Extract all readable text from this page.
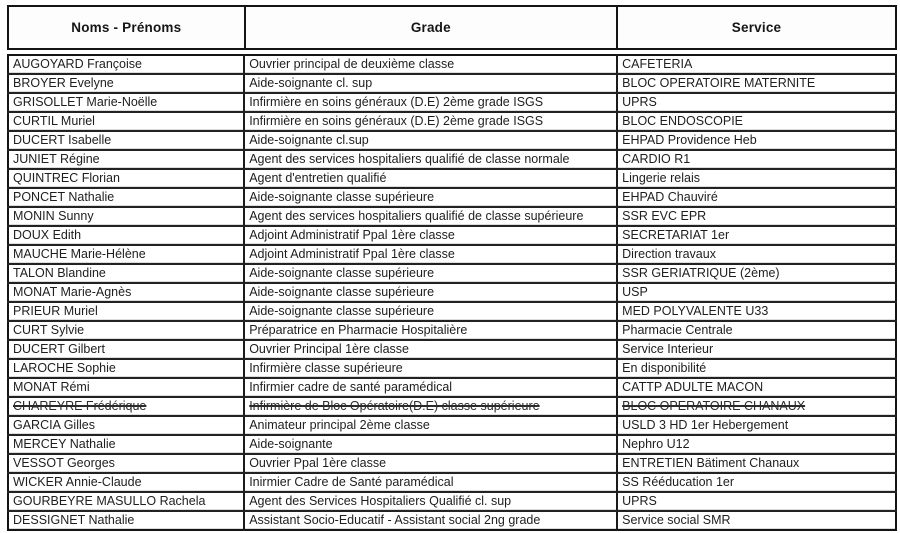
Noms - Prénoms	Grade	Service
AUGOYARD Françoise	Ouvrier principal de deuxième classe	CAFETERIA
BROYER Evelyne	Aide-soignante cl. sup	BLOC OPERATOIRE MATERNITE
GRISOLLET Marie-Noëlle	Infirmière en soins généraux (D.E) 2ème grade ISGS	UPRS
CURTIL Muriel	Infirmière en soins généraux (D.E) 2ème grade ISGS	BLOC ENDOSCOPIE
DUCERT Isabelle	Aide-soignante cl.sup	EHPAD Providence Heb
JUNIET Régine	Agent des services hospitaliers qualifié de classe normale	CARDIO R1
QUINTREC Florian	Agent d'entretien qualifié	Lingerie relais
PONCET Nathalie	Aide-soignante classe supérieure	EHPAD Chauviré
MONIN Sunny	Agent des services hospitaliers qualifié de classe supérieure	SSR EVC EPR
DOUX Edith	Adjoint Administratif Ppal 1ère classe	SECRETARIAT 1er
MAUCHE Marie-Hélène	Adjoint Administratif Ppal 1ère classe	Direction travaux
TALON Blandine	Aide-soignante classe supérieure	SSR GERIATRIQUE (2ème)
MONAT Marie-Agnès	Aide-soignante classe supérieure	USP
PRIEUR Muriel	Aide-soignante classe supérieure	MED POLYVALENTE U33
CURT Sylvie	Préparatrice en Pharmacie Hospitalière	Pharmacie Centrale
DUCERT Gilbert	Ouvrier Principal 1ère classe	Service Interieur
LAROCHE Sophie	Infirmière classe supérieure	En disponibilité
MONAT Rémi	Infirmier cadre de santé paramédical	CATTP ADULTE MACON
CHAREYRE Frédérique	Infirmière de Bloc Opératoire(D.E) classe supérieure	BLOC OPERATOIRE CHANAUX
GARCIA Gilles	Animateur principal 2ème classe	USLD 3 HD 1er Hebergement
MERCEY Nathalie	Aide-soignante	Nephro U12
VESSOT Georges	Ouvrier Ppal 1ère classe	ENTRETIEN Bätiment Chanaux
WICKER Annie-Claude	Inirmier Cadre de Santé paramédical	SS Rééducation 1er
GOURBEYRE MASULLO Rachela	Agent des Services Hospitaliers Qualifié cl. sup	UPRS
DESSIGNET Nathalie	Assistant Socio-Educatif - Assistant social 2ng grade	Service social SMR
